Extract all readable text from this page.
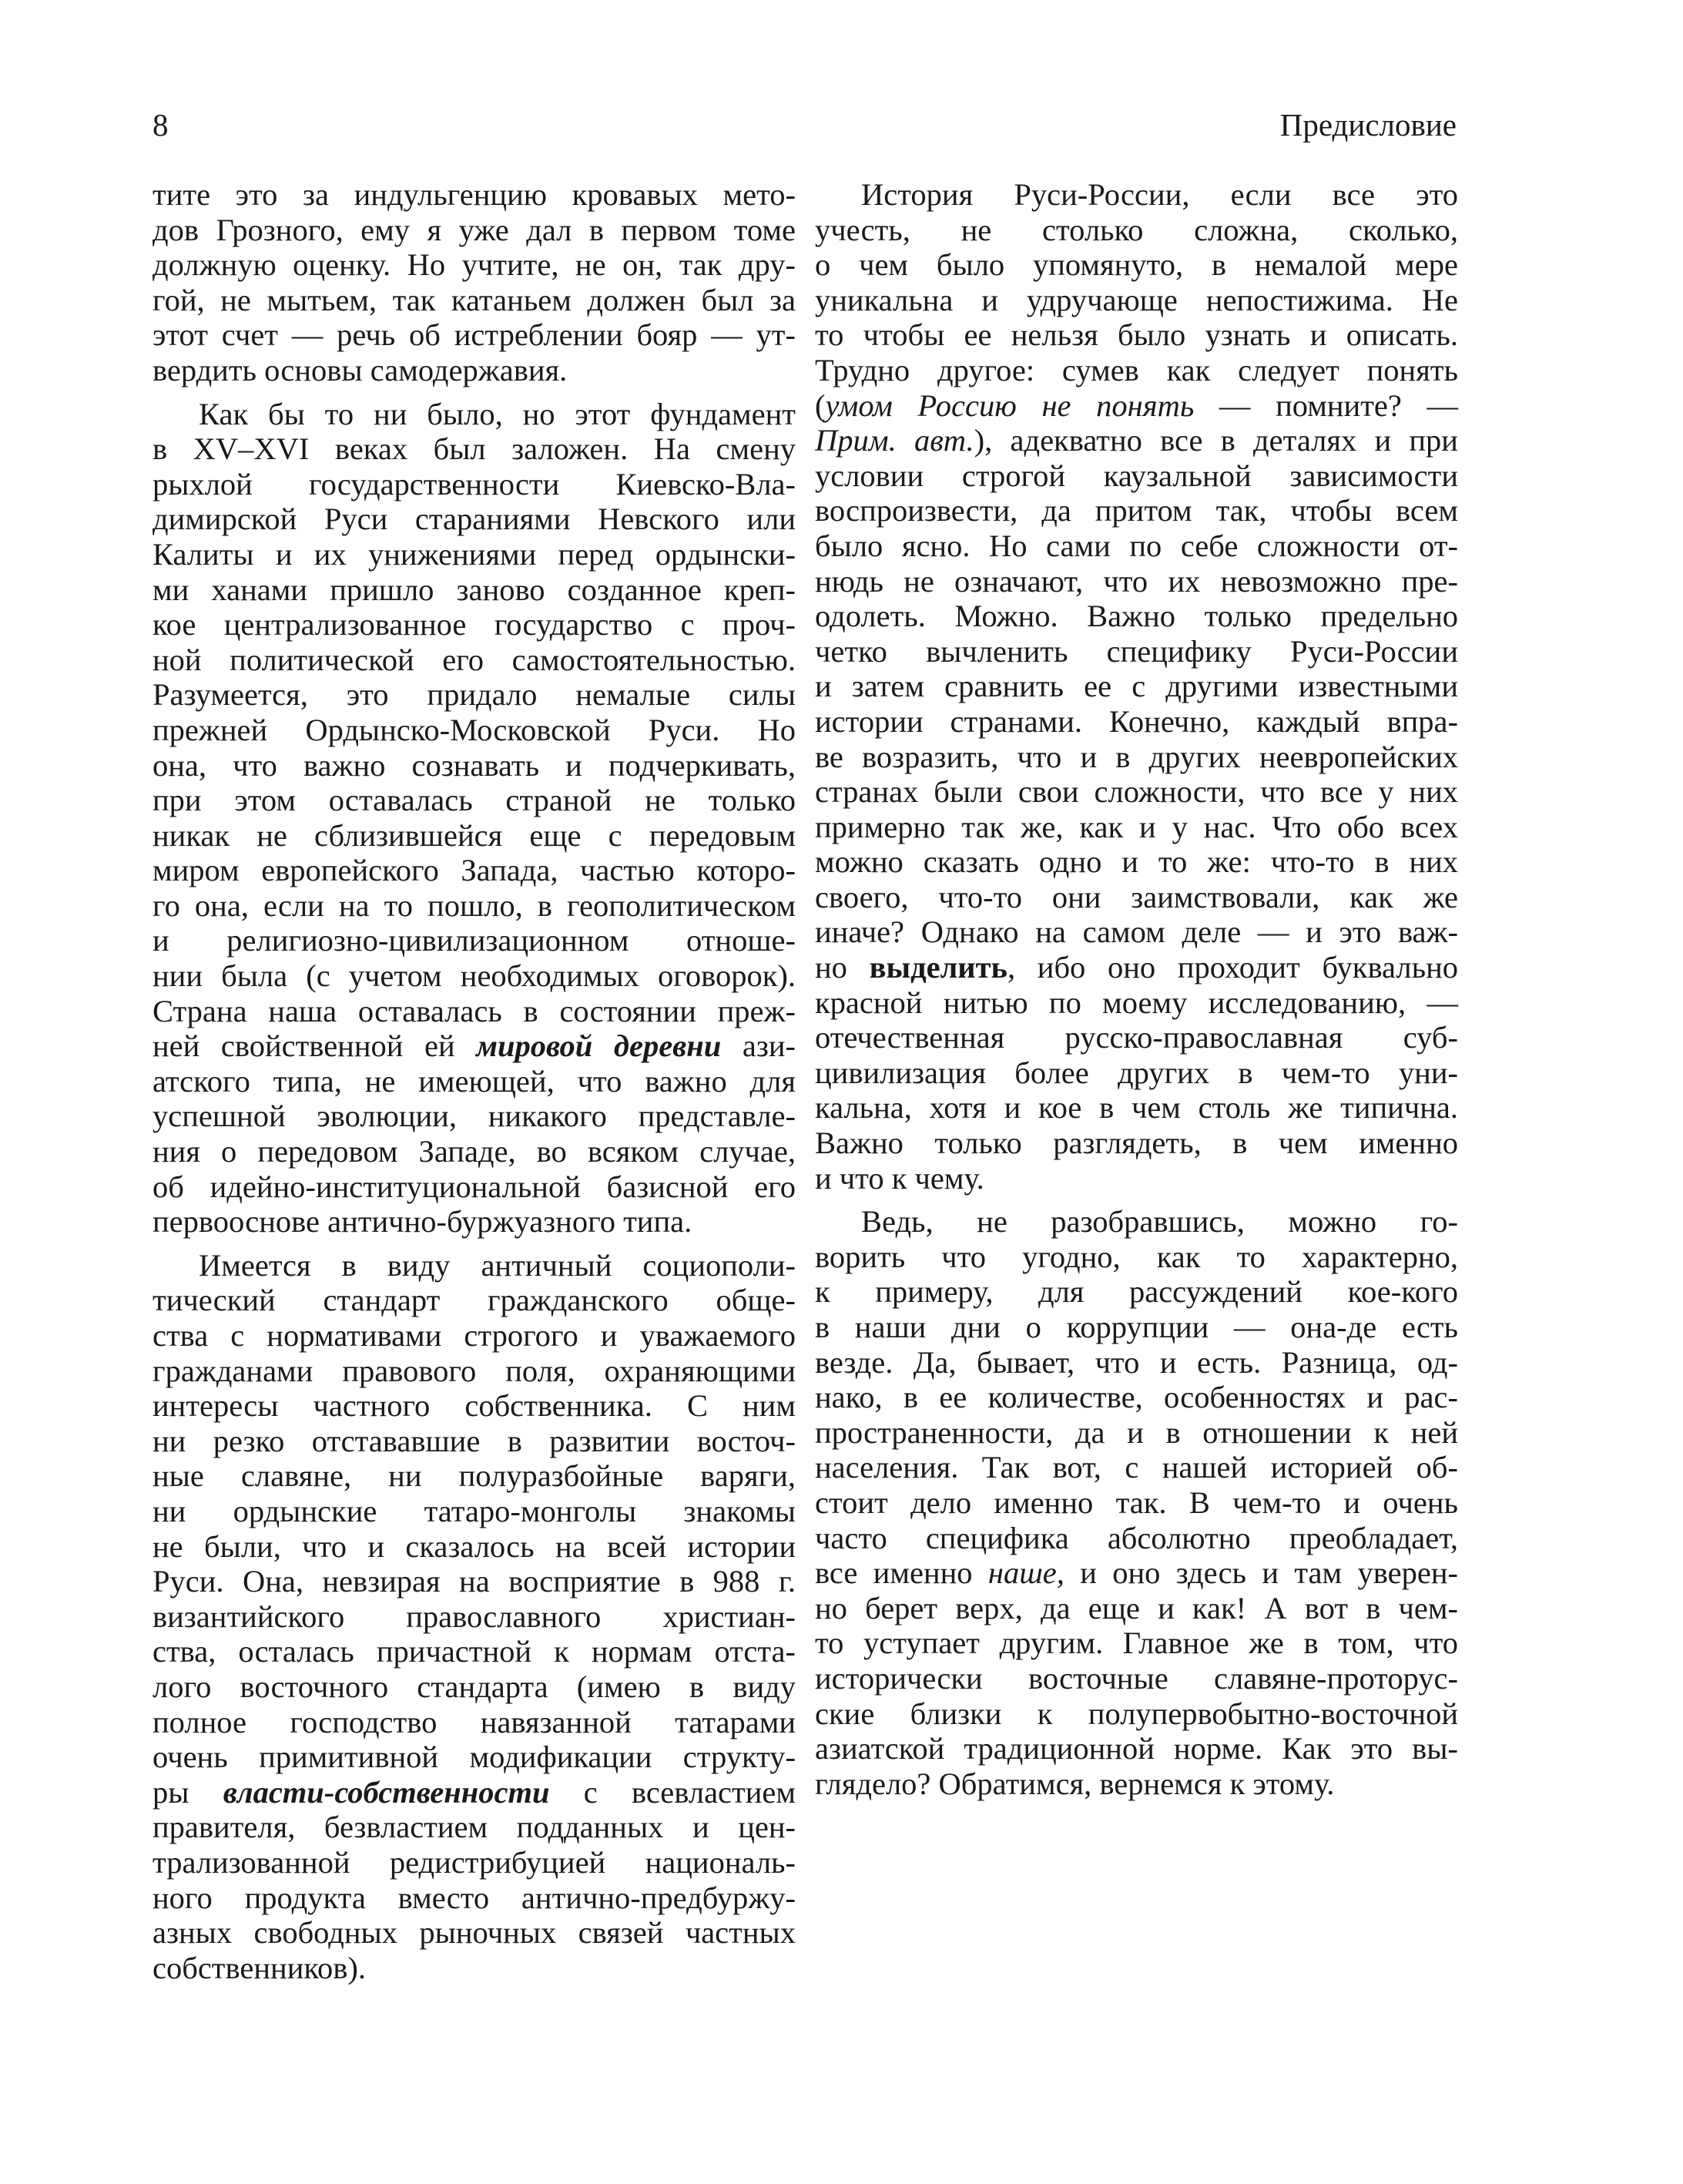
8	Предисловие
тите это за индульгенцию кровавых мето-
дов Грозного, ему я уже дал в первом томе
должную оценку. Но учтите, не он, так дру-
гой, не мытьем, так катаньем должен был за
этот счет — речь об истреблении бояр — ут-
вердить основы самодержавия.
Как бы то ни было, но этот фундамент
в XV–XVI веках был заложен. На смену
рыхлой государственности Киевско-Вла-
димирской Руси стараниями Невского или
Калиты и их унижениями перед ордынски-
ми ханами пришло заново созданное креп-
кое централизованное государство с проч-
ной политической его самостоятельностью.
Разумеется, это придало немалые силы
прежней Ордынско-Московской Руси. Но
она, что важно сознавать и подчеркивать,
при этом оставалась страной не только
никак не сблизившейся еще с передовым
миром европейского Запада, частью которо-
го она, если на то пошло, в геополитическом
и религиозно-цивилизационном отноше-
нии была (с учетом необходимых оговорок).
Страна наша оставалась в состоянии преж-
ней свойственной ей мировой деревни ази-
атского типа, не имеющей, что важно для
успешной эволюции, никакого представле-
ния о передовом Западе, во всяком случае,
об идейно-институциональной базисной его
первооснове антично-буржуазного типа.
Имеется в виду античный социополи-
тический стандарт гражданского обще-
ства с нормативами строгого и уважаемого
гражданами правового поля, охраняющими
интересы частного собственника. С ним
ни резко отстававшие в развитии восточ-
ные славяне, ни полуразбойные варяги,
ни ордынские татаро-монголы знакомы
не были, что и сказалось на всей истории
Руси. Она, невзирая на восприятие в 988 г.
византийского православного христиан-
ства, осталась причастной к нормам отста-
лого восточного стандарта (имею в виду
полное господство навязанной татарами
очень примитивной модификации структу-
ры власти-собственности с всевластием
правителя, безвластием подданных и цен-
трализованной редистрибуцией националь-
ного продукта вместо антично-предбуржу-
азных свободных рыночных связей частных
собственников).
История Руси-России, если все это
учесть, не столько сложна, сколько,
о чем было упомянуто, в немалой мере
уникальна и удручающе непостижима. Не
то чтобы ее нельзя было узнать и описать.
Трудно другое: сумев как следует понять
(умом Россию не понять — помните? —
Прим. авт.), адекватно все в деталях и при
условии строгой каузальной зависимости
воспроизвести, да притом так, чтобы всем
было ясно. Но сами по себе сложности от-
нюдь не означают, что их невозможно пре-
одолеть. Можно. Важно только предельно
четко вычленить специфику Руси-России
и затем сравнить ее с другими известными
истории странами. Конечно, каждый впра-
ве возразить, что и в других неевропейских
странах были свои сложности, что все у них
примерно так же, как и у нас. Что обо всех
можно сказать одно и то же: что-то в них
своего, что-то они заимствовали, как же
иначе? Однако на самом деле — и это важ-
но выделить, ибо оно проходит буквально
красной нитью по моему исследованию, —
отечественная русско-православная суб-
цивилизация более других в чем-то уни-
кальна, хотя и кое в чем столь же типична.
Важно только разглядеть, в чем именно
и что к чему.
Ведь, не разобравшись, можно го-
ворить что угодно, как то характерно,
к примеру, для рассуждений кое-кого
в наши дни о коррупции — она-де есть
везде. Да, бывает, что и есть. Разница, од-
нако, в ее количестве, особенностях и рас-
пространенности, да и в отношении к ней
населения. Так вот, с нашей историей об-
стоит дело именно так. В чем-то и очень
часто специфика абсолютно преобладает,
все именно наше, и оно здесь и там уверен-
но берет верх, да еще и как! А вот в чем-
то уступает другим. Главное же в том, что
исторически восточные славяне-проторус-
ские близки к полупервобытно-восточной
азиатской традиционной норме. Как это вы-
глядело? Обратимся, вернемся к этому.
